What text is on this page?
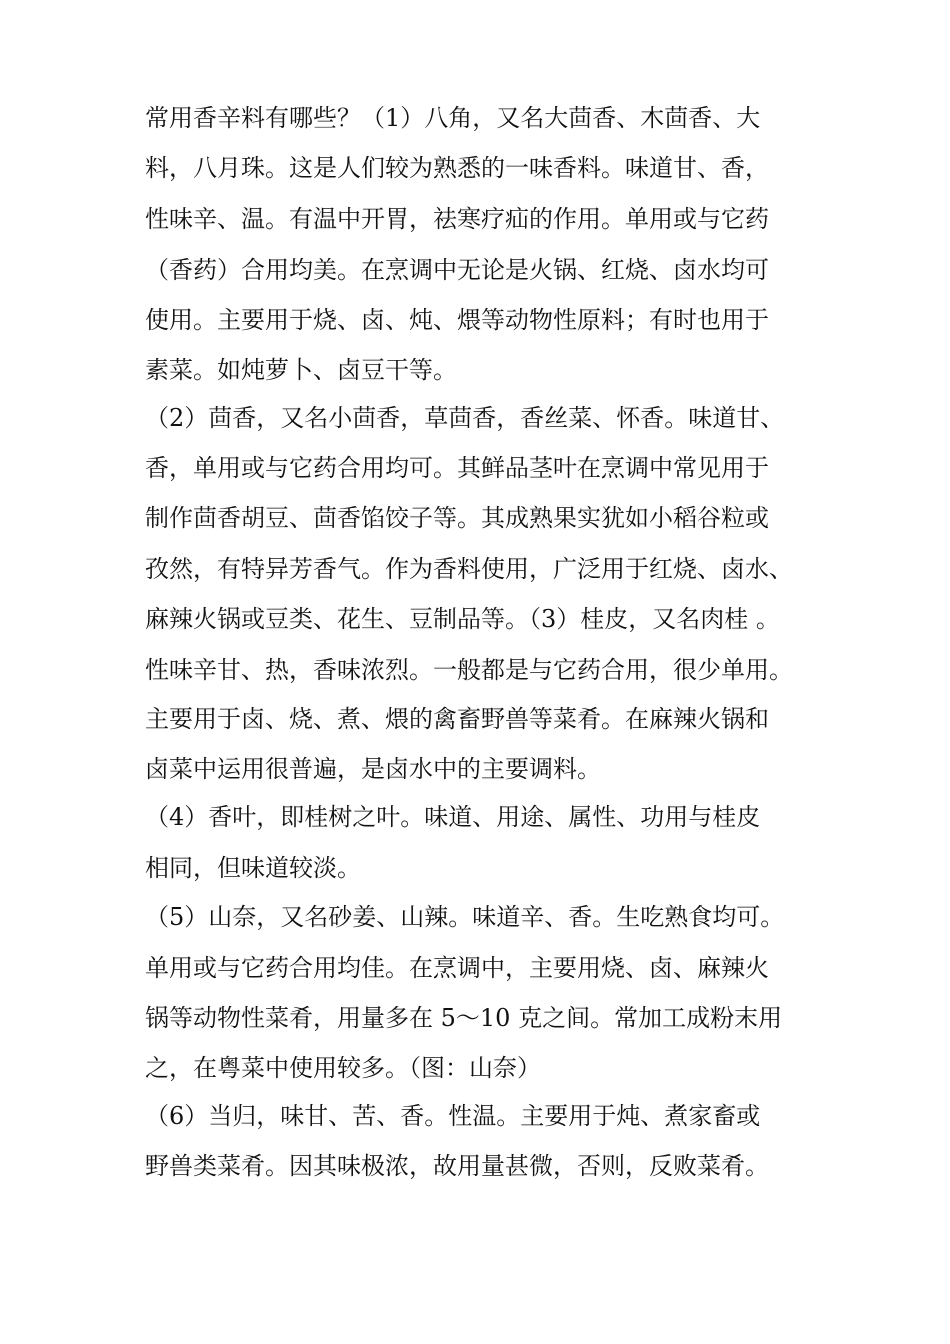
常用香辛料有哪些？（1）八角，又名大茴香、木茴香、大
料，八月珠。这是人们较为熟悉的一味香料。味道甘、香，
性味辛、温。有温中开胃，祛寒疗疝的作用。单用或与它药
（香药）合用均美。在烹调中无论是火锅、红烧、卤水均可
使用。主要用于烧、卤、炖、煨等动物性原料；有时也用于
素菜。如炖萝卜、卤豆干等。
（2）茴香，又名小茴香，草茴香，香丝菜、怀香。味道甘、
香，单用或与它药合用均可。其鲜品茎叶在烹调中常见用于
制作茴香胡豆、茴香馅饺子等。其成熟果实犹如小稻谷粒或
孜然，有特异芳香气。作为香料使用，广泛用于红烧、卤水、
麻辣火锅或豆类、花生、豆制品等。（3）桂皮，又名肉桂 。
性味辛甘、热，香味浓烈。一般都是与它药合用，很少单用。
主要用于卤、烧、煮、煨的禽畜野兽等菜肴。在麻辣火锅和
卤菜中运用很普遍，是卤水中的主要调料。
（4）香叶，即桂树之叶。味道、用途、属性、功用与桂皮
相同，但味道较淡。
（5）山奈，又名砂姜、山辣。味道辛、香。生吃熟食均可。
单用或与它药合用均佳。在烹调中，主要用烧、卤、麻辣火
锅等动物性菜肴，用量多在 5～10 克之间。常加工成粉末用
之，在粤菜中使用较多。（图：山奈）
（6）当归，味甘、苦、香。性温。主要用于炖、煮家畜或
野兽类菜肴。因其味极浓，故用量甚微，否则，反败菜肴。
